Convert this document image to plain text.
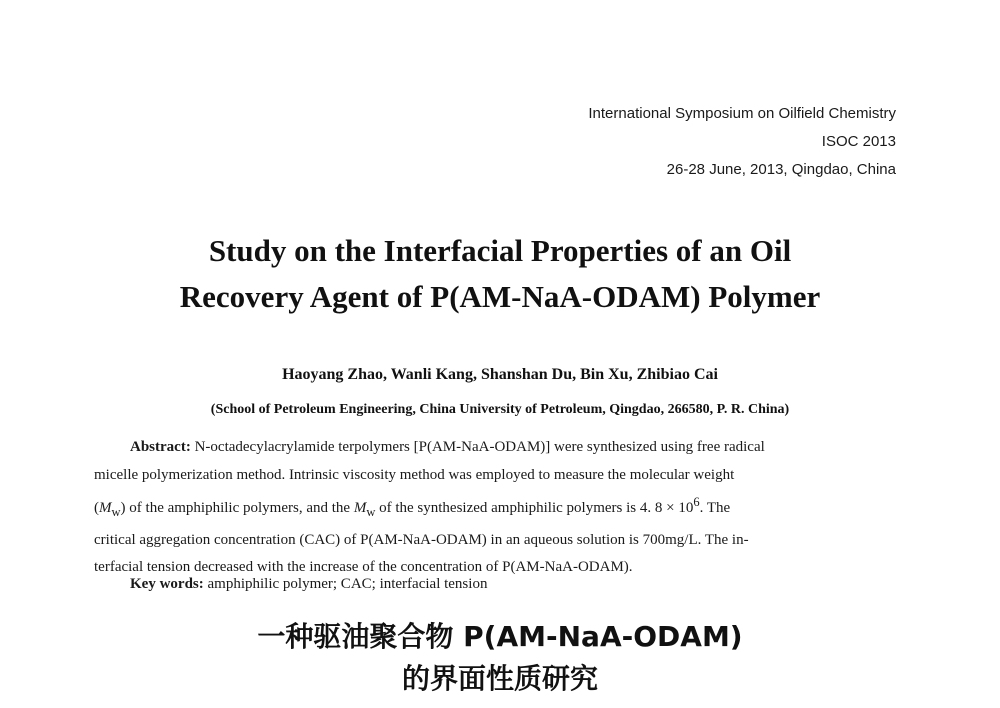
International Symposium on Oilfield Chemistry
ISOC 2013
26-28 June, 2013, Qingdao, China
Study on the Interfacial Properties of an Oil
Recovery Agent of P(AM-NaA-ODAM) Polymer
Haoyang Zhao, Wanli Kang, Shanshan Du, Bin Xu, Zhibiao Cai
(School of Petroleum Engineering, China University of Petroleum, Qingdao, 266580, P. R. China)
Abstract: N-octadecylacrylamide terpolymers [P(AM-NaA-ODAM)] were synthesized using free radical
micelle polymerization method. Intrinsic viscosity method was employed to measure the molecular weight
$(M_w)$ of the amphiphilic polymers, and the $M_w$ of the synthesized amphiphilic polymers is 4. $8 \times 10^6$. The
critical aggregation concentration (CAC) of P(AM-NaA-ODAM) in an aqueous solution is 700mg/L. The in-
terfacial tension decreased with the increase of the concentration of P(AM-NaA-ODAM).
Key words: amphiphilic polymer; CAC; interfacial tension
一种驱油聚合物 P(AM-NaA-ODAM)
的界面性质研究
